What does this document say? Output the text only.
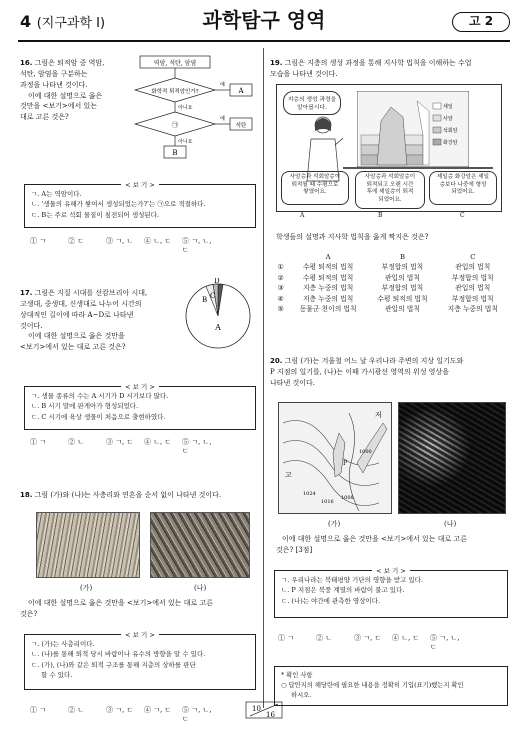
4 (지구과학 I)	과학탐구 영역	고 2
16. 그림은 퇴적암 중 역암,
석탄, 암염을 구분하는
과정을 나타낸 것이다.
이에 대한 설명으로 옳은
것만을 <보기>에서 있는
대로 고른 것은?
역암, 석탄, 암염
화학적 퇴적암인가?
예
A
아니요
㉠
예
석탄
아니요
B
< 보 기 >
ㄱ. A는 역암이다.
ㄴ. '생물의 유해가 쌓여서 생성되었는가?'는 ㉠으로 적절하다.
ㄷ. B는 주로 석회 물질이 침전되어 생성된다.
① ㄱ	② ㄷ	③ ㄱ, ㄴ	④ ㄴ, ㄷ	⑤ ㄱ, ㄴ, ㄷ
17. 그림은 지질 시대를 선캄브리아 시대,
고생대, 중생대, 신생대로 나누어 시간의
상대적인 길이에 따라 A~D로 나타낸
것이다.
이에 대한 설명으로 옳은 것만을
<보기>에서 있는 대로 고른 것은?
A
B C
D
< 보 기 >
ㄱ. 생물 종류의 수는 A 시기가 D 시기보다 많다.
ㄴ. B 시기 말에 판게아가 형성되었다.
ㄷ. C 시기에 육상 생물이 처음으로 출현하였다.
① ㄱ	② ㄴ	③ ㄱ, ㄷ	④ ㄴ, ㄷ	⑤ ㄱ, ㄴ, ㄷ
18. 그림 (가)와 (나)는 사층리와 연흔을 순서 없이 나타낸 것이다.
(가)	(나)
이에 대한 설명으로 옳은 것만을 <보기>에서 있는 대로 고른
것은?
< 보 기 >
ㄱ. (가)는 사층리이다.
ㄴ. (나)를 통해 퇴적 당시 바람이나 유수의 방향을 알 수 있다.
ㄷ. (가), (나)와 같은 퇴적 구조를 통해 지층의 상하를 판단
할 수 있다.
① ㄱ	② ㄴ	③ ㄱ, ㄷ	④ ㄱ, ㄷ	⑤ ㄱ, ㄴ, ㄷ
19. 그림은 지층의 생성 과정을 통해 지사학 법칙을 이해하는 수업
모습을 나타낸 것이다.
지층의 생성 과정을
알아봅시다.	셰일
사암
석회암
화강암
사암층과 석회암층이
퇴적될 때 수평으로
쌓였어요.
사암층과 석회암층이
퇴적되고 오랜 시간
후에 셰일층이 퇴적
되었어요.
셰일층 화강암은 셰일
층보다 나중에 형성
되었어요.
A	B	C
학생들의 설명과 지사학 법칙을 옳게 짝지은 것은?
	A	B	C
①	수평 퇴적의 법칙	부정합의 법칙	관입의 법칙
②	수평 퇴적의 법칙	관입의 법칙	부정합의 법칙
③	지층 누중의 법칙	부정합의 법칙	관입의 법칙
④	지층 누중의 법칙	수평 퇴적의 법칙	부정합의 법칙
⑤	동물군 천이의 법칙	관입의 법칙	지층 누중의 법칙
20. 그림 (가)는 겨울철 어느 날 우리나라 주변의 지상 일기도와
P 지점의 일기를, (나)는 이때 가시광선 영역의 위성 영상을
나타낸 것이다.
고
저
P
1024
1016
1008
1000
(가)	(나)
이에 대한 설명으로 옳은 것만을 <보기>에서 있는 대로 고른
것은? [3점]
< 보 기 >
ㄱ. 우리나라는 북태평양 기단의 영향을 받고 있다.
ㄴ. P 지점은 북풍 계열의 바람이 불고 있다.
ㄷ. (나)는 야간에 관측한 영상이다.
① ㄱ	② ㄴ	③ ㄱ, ㄷ	④ ㄴ, ㄷ	⑤ ㄱ, ㄴ, ㄷ
* 확인 사항
○ 답안지의 해당란에 필요한 내용을 정확히 기입(표기)했는지 확인
하시오.
10
16
